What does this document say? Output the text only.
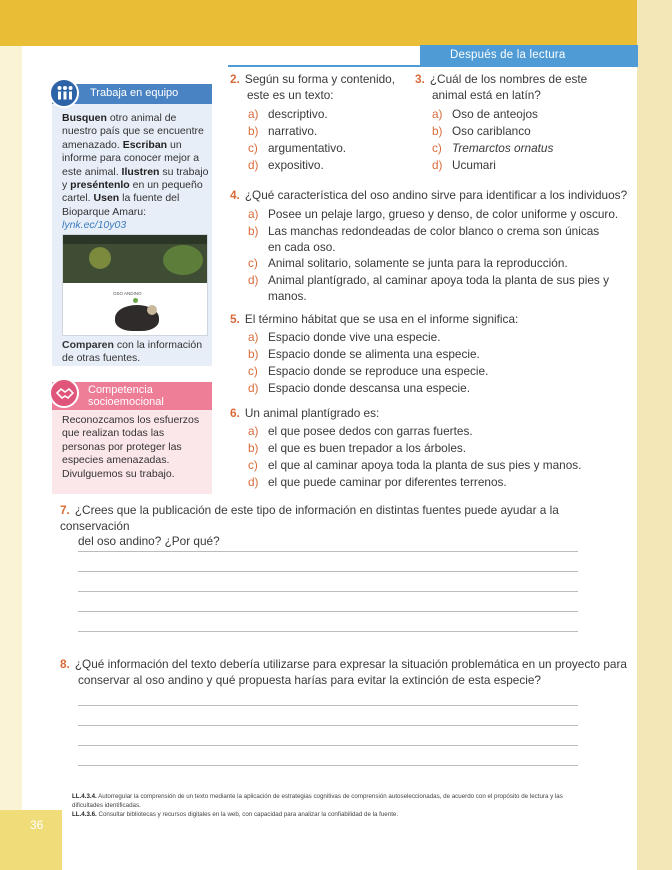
36
Después de la lectura
Trabaja en equipo
Busquen otro animal de nuestro país que se encuentre amenazado. Escriban un informe para conocer mejor a este animal. Ilustren su trabajo y preséntenlo en un pequeño cartel. Usen la fuente del Bioparque Amaru:
lynk.ec/10y03
OSO ANDINO
Comparen con la información de otras fuentes.
Competencia
socioemocional
Reconozcamos los esfuerzos que realizan todas las personas por proteger las especies amenazadas. Divulguemos su trabajo.
2. Según su forma y contenido,
este es un texto:
a) descriptivo.
b) narrativo.
c) argumentativo.
d) expositivo.
3. ¿Cuál de los nombres de este
animal está en latín?
a) Oso de anteojos
b) Oso cariblanco
c) Tremarctos ornatus
d) Ucumari
4. ¿Qué característica del oso andino sirve para identificar a los individuos?
a) Posee un pelaje largo, grueso y denso, de color uniforme y oscuro.
b) Las manchas redondeadas de color blanco o crema son únicas
en cada oso.
c) Animal solitario, solamente se junta para la reproducción.
d) Animal plantígrado, al caminar apoya toda la planta de sus pies y
manos.
5. El término hábitat que se usa en el informe significa:
a) Espacio donde vive una especie.
b) Espacio donde se alimenta una especie.
c) Espacio donde se reproduce una especie.
d) Espacio donde descansa una especie.
6. Un animal plantígrado es:
a) el que posee dedos con garras fuertes.
b) el que es buen trepador a los árboles.
c) el que al caminar apoya toda la planta de sus pies y manos.
d) el que puede caminar por diferentes terrenos.
7. ¿Crees que la publicación de este tipo de información en distintas fuentes puede ayudar a la conservación
del oso andino? ¿Por qué?
8. ¿Qué información del texto debería utilizarse para expresar la situación problemática en un proyecto para
conservar al oso andino y qué propuesta harías para evitar la extinción de esta especie?
LL.4.3.4. Autorregular la comprensión de un texto mediante la aplicación de estrategias cognitivas de comprensión autoseleccionadas, de acuerdo con el propósito de lectura y las dificultades identificadas.
LL.4.3.6. Consultar bibliotecas y recursos digitales en la web, con capacidad para analizar la confiabilidad de la fuente.
